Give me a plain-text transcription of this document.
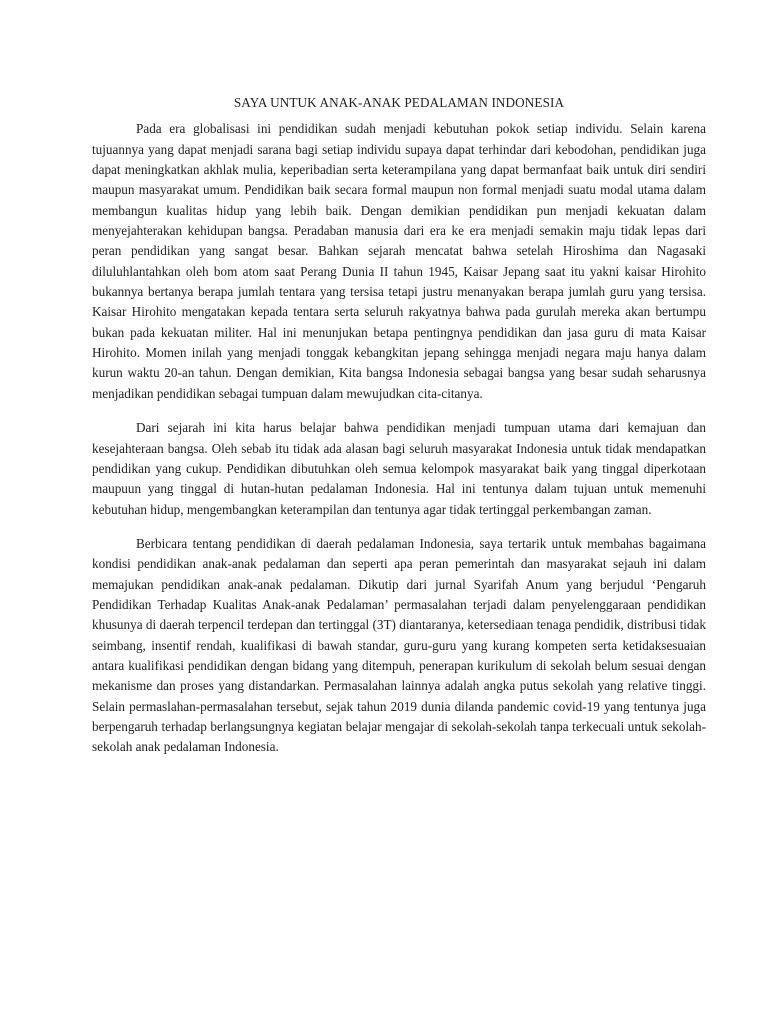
SAYA UNTUK ANAK-ANAK PEDALAMAN INDONESIA

Pada era globalisasi ini pendidikan sudah menjadi kebutuhan pokok setiap individu. Selain karena tujuannya yang dapat menjadi sarana bagi setiap individu supaya dapat terhindar dari kebodohan, pendidikan juga dapat meningkatkan akhlak mulia, keperibadian serta keterampilana yang dapat bermanfaat baik untuk diri sendiri maupun masyarakat umum. Pendidikan baik secara formal maupun non formal menjadi suatu modal utama dalam membangun kualitas hidup yang lebih baik. Dengan demikian pendidikan pun menjadi kekuatan dalam menyejahterakan kehidupan bangsa. Peradaban manusia dari era ke era menjadi semakin maju tidak lepas dari peran pendidikan yang sangat besar. Bahkan sejarah mencatat bahwa setelah Hiroshima dan Nagasaki diluluhlantahkan oleh bom atom saat Perang Dunia II tahun 1945, Kaisar Jepang saat itu yakni kaisar Hirohito bukannya bertanya berapa jumlah tentara yang tersisa tetapi justru menanyakan berapa jumlah guru yang tersisa. Kaisar Hirohito mengatakan kepada tentara serta seluruh rakyatnya bahwa pada gurulah mereka akan bertumpu bukan pada kekuatan militer. Hal ini menunjukan betapa pentingnya pendidikan dan jasa guru di mata Kaisar Hirohito. Momen inilah yang menjadi tonggak kebangkitan jepang sehingga menjadi negara maju hanya dalam kurun waktu 20-an tahun. Dengan demikian, Kita bangsa Indonesia sebagai bangsa yang besar sudah seharusnya menjadikan pendidikan sebagai tumpuan dalam mewujudkan cita-citanya.

Dari sejarah ini kita harus belajar bahwa pendidikan menjadi tumpuan utama dari kemajuan dan kesejahteraan bangsa. Oleh sebab itu tidak ada alasan bagi seluruh masyarakat Indonesia untuk tidak mendapatkan pendidikan yang cukup. Pendidikan dibutuhkan oleh semua kelompok masyarakat baik yang tinggal diperkotaan maupuun yang tinggal di hutan-hutan pedalaman Indonesia. Hal ini tentunya dalam tujuan untuk memenuhi kebutuhan hidup, mengembangkan keterampilan dan tentunya agar tidak tertinggal perkembangan zaman.

Berbicara tentang pendidikan di daerah pedalaman Indonesia, saya tertarik untuk membahas bagaimana kondisi pendidikan anak-anak pedalaman dan seperti apa peran pemerintah dan masyarakat sejauh ini dalam memajukan pendidikan anak-anak pedalaman. Dikutip dari jurnal Syarifah Anum yang berjudul ‘Pengaruh Pendidikan Terhadap Kualitas Anak-anak Pedalaman’ permasalahan terjadi dalam penyelenggaraan pendidikan khusunya di daerah terpencil terdepan dan tertinggal (3T) diantaranya, ketersediaan tenaga pendidik, distribusi tidak seimbang, insentif rendah, kualifikasi di bawah standar, guru-guru yang kurang kompeten serta ketidaksesuaian antara kualifikasi pendidikan dengan bidang yang ditempuh, penerapan kurikulum di sekolah belum sesuai dengan mekanisme dan proses yang distandarkan. Permasalahan lainnya adalah angka putus sekolah yang relative tinggi. Selain permaslahan-permasalahan tersebut, sejak tahun 2019 dunia dilanda pandemic covid-19 yang tentunya juga berpengaruh terhadap berlangsungnya kegiatan belajar mengajar di sekolah-sekolah tanpa terkecuali untuk sekolah-sekolah anak pedalaman Indonesia.
